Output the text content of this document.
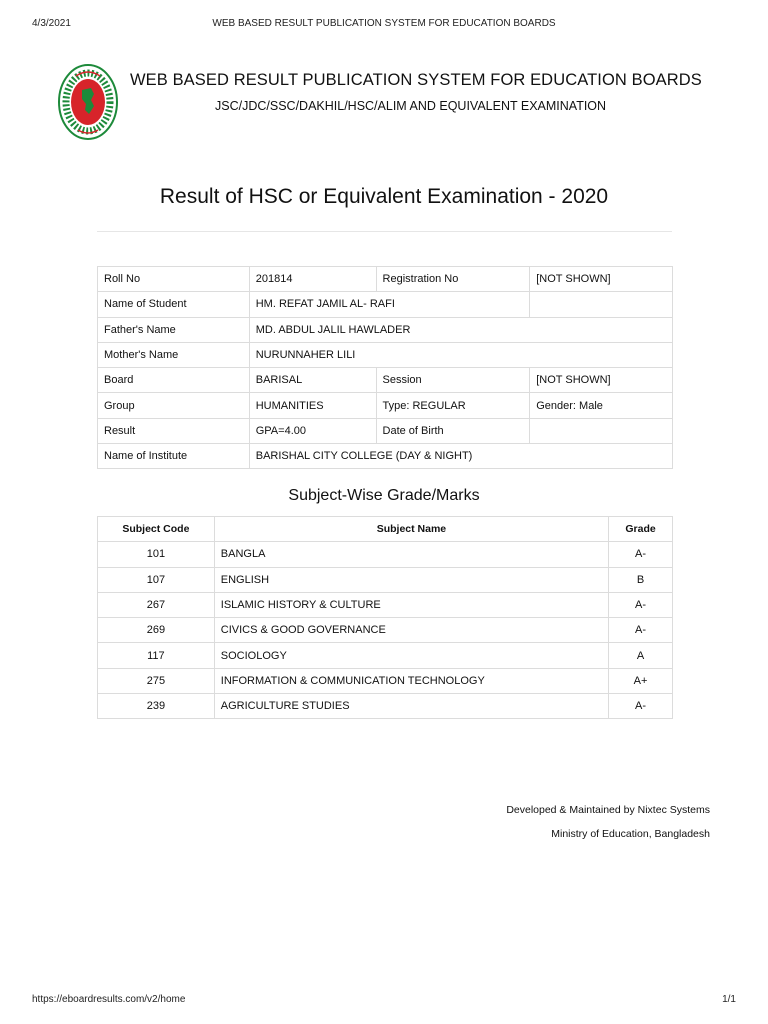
4/3/2021	WEB BASED RESULT PUBLICATION SYSTEM FOR EDUCATION BOARDS
WEB BASED RESULT PUBLICATION SYSTEM FOR EDUCATION BOARDS
JSC/JDC/SSC/DAKHIL/HSC/ALIM AND EQUIVALENT EXAMINATION
Result of HSC or Equivalent Examination - 2020
Roll No	201814	Registration No	[NOT SHOWN]
Name of Student	HM. REFAT JAMIL AL- RAFI		
Father's Name	MD. ABDUL JALIL HAWLADER		
Mother's Name	NURUNNAHER LILI		
Board	BARISAL	Session	[NOT SHOWN]
Group	HUMANITIES	Type: REGULAR	Gender: Male
Result	GPA=4.00	Date of Birth	
Name of Institute	BARISHAL CITY COLLEGE (DAY & NIGHT)		
Subject-Wise Grade/Marks
Subject Code	Subject Name	Grade
101	BANGLA	A-
107	ENGLISH	B
267	ISLAMIC HISTORY & CULTURE	A-
269	CIVICS & GOOD GOVERNANCE	A-
117	SOCIOLOGY	A
275	INFORMATION & COMMUNICATION TECHNOLOGY	A+
239	AGRICULTURE STUDIES	A-
Developed & Maintained by Nixtec Systems
Ministry of Education, Bangladesh
https://eboardresults.com/v2/home	1/1
